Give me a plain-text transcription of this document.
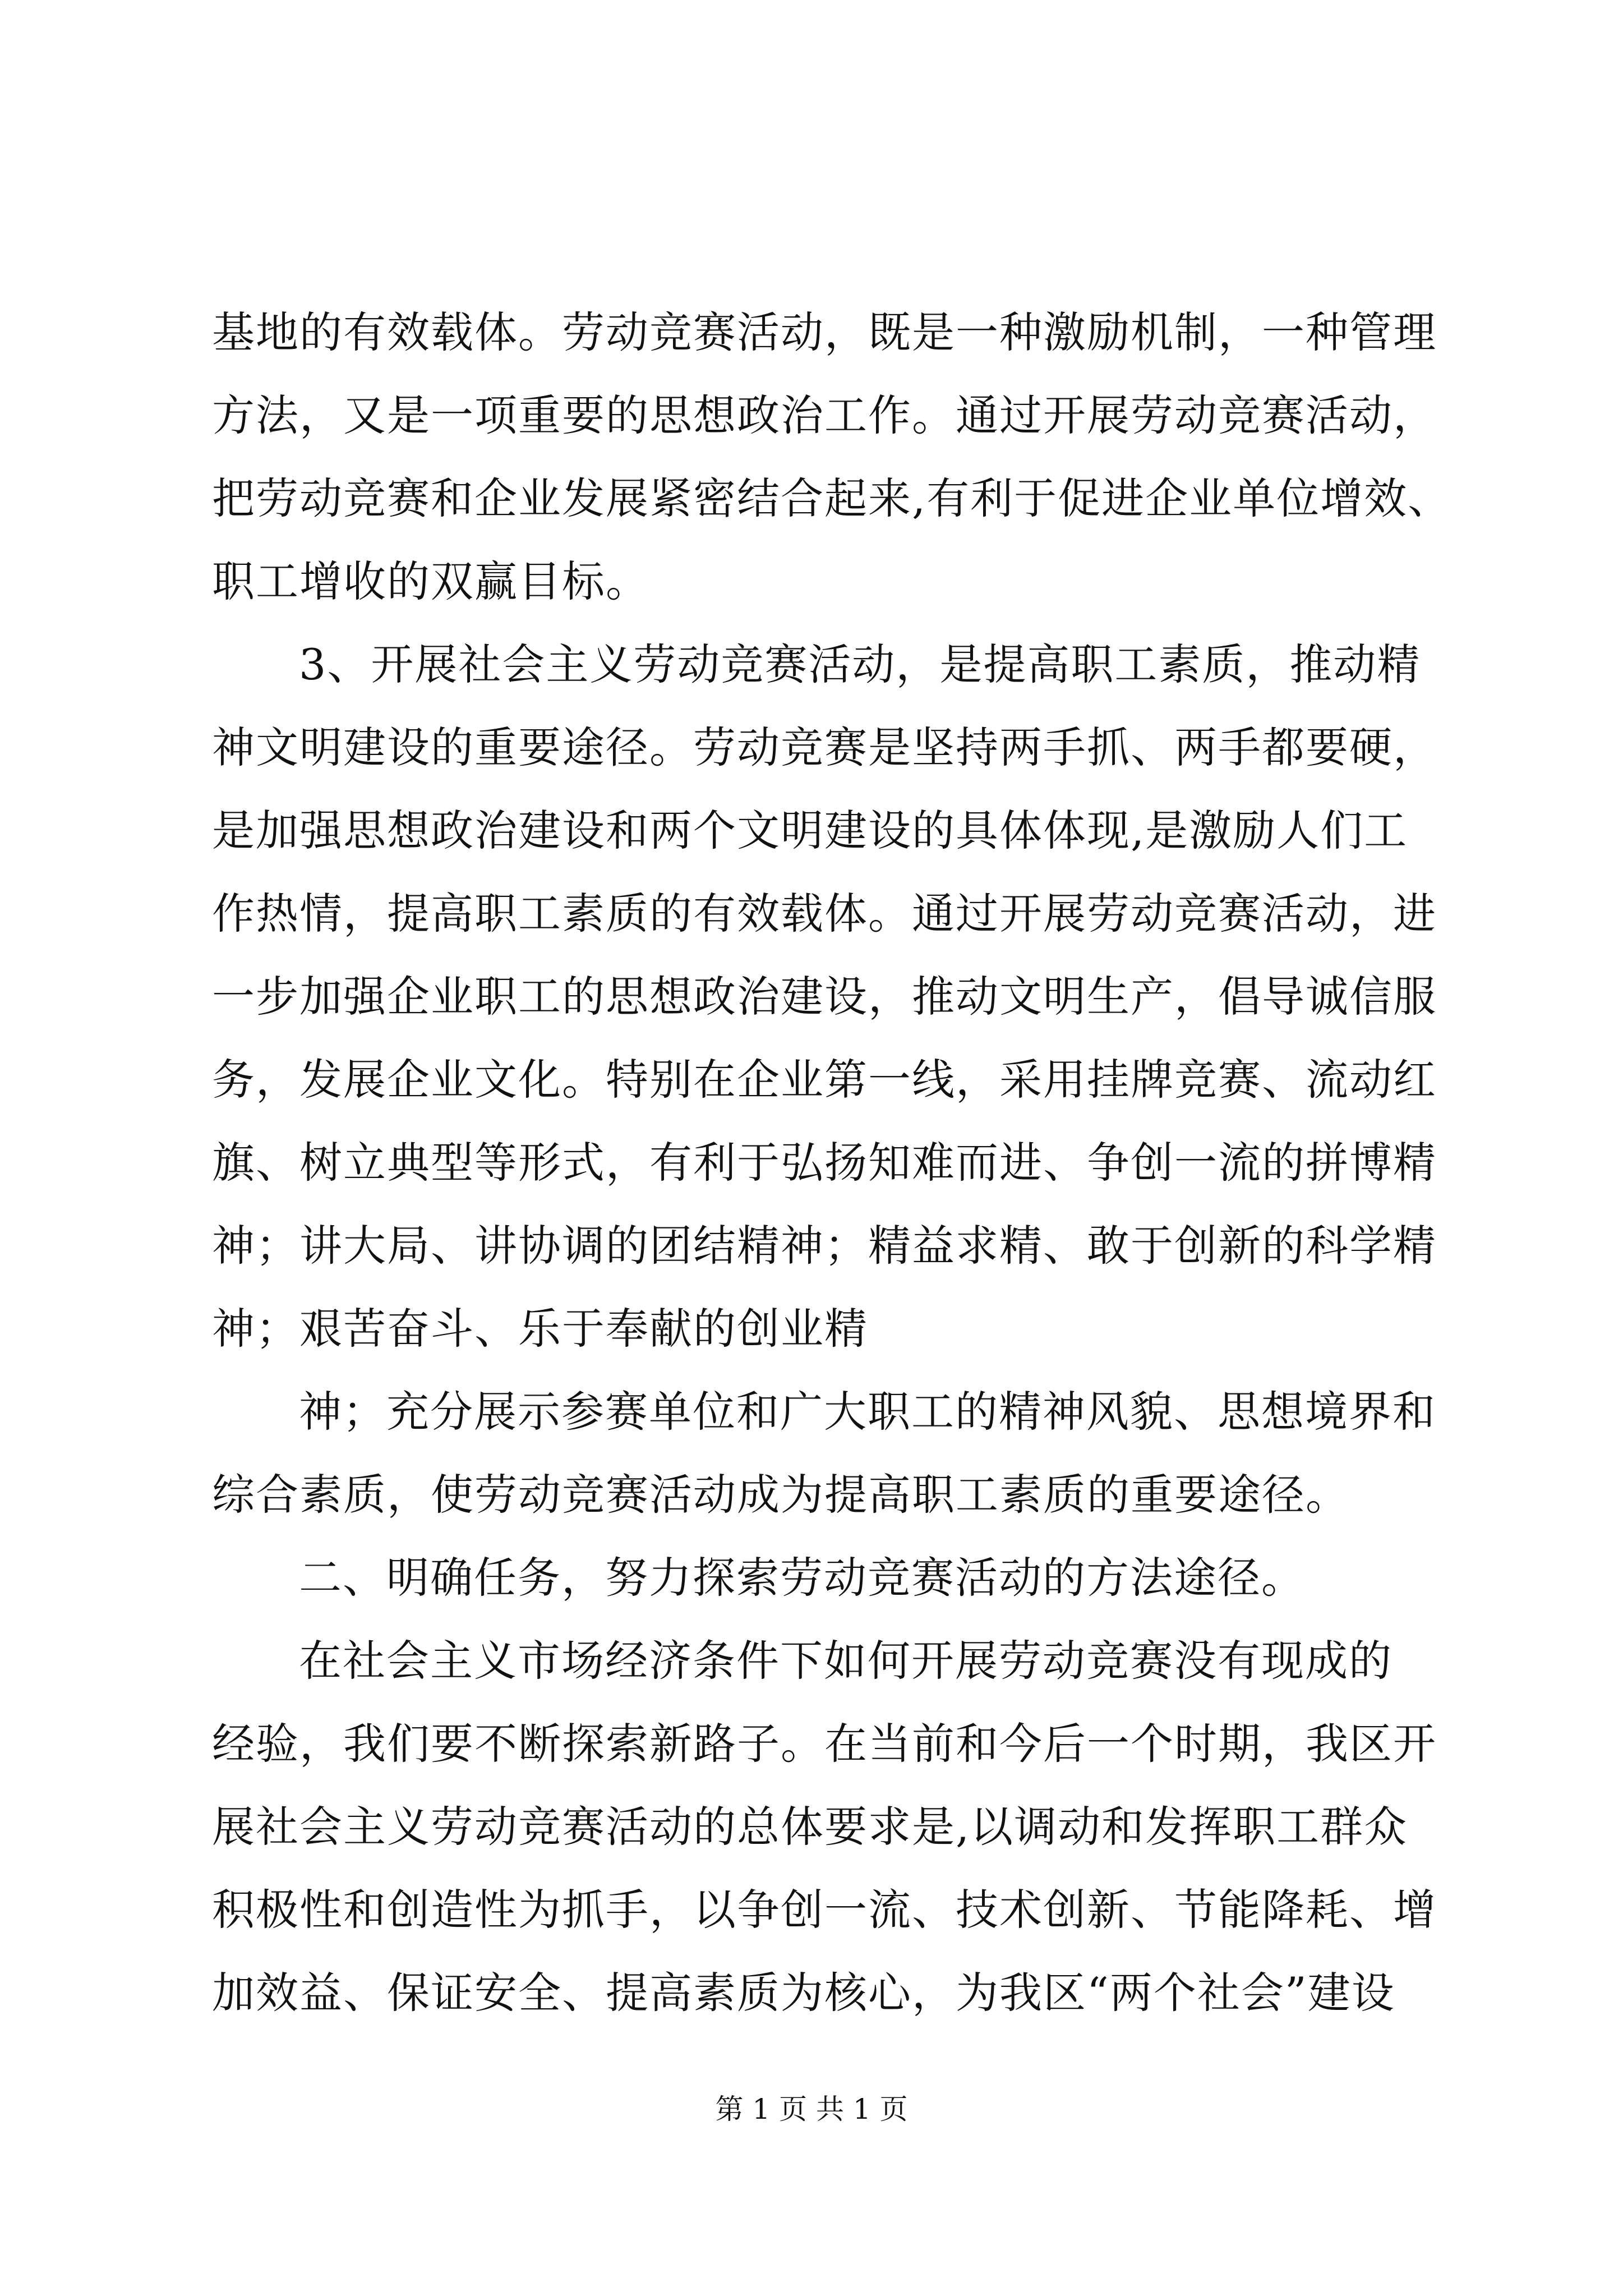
基地的有效载体。劳动竞赛活动，既是一种激励机制，一种管理
方法，又是一项重要的思想政治工作。通过开展劳动竞赛活动，
把劳动竞赛和企业发展紧密结合起来,有利于促进企业单位增效、
职工增收的双赢目标。
3、开展社会主义劳动竞赛活动，是提高职工素质，推动精
神文明建设的重要途径。劳动竞赛是坚持两手抓、两手都要硬，
是加强思想政治建设和两个文明建设的具体体现,是激励人们工
作热情，提高职工素质的有效载体。通过开展劳动竞赛活动，进
一步加强企业职工的思想政治建设，推动文明生产，倡导诚信服
务，发展企业文化。特别在企业第一线，采用挂牌竞赛、流动红
旗、树立典型等形式，有利于弘扬知难而进、争创一流的拼博精
神；讲大局、讲协调的团结精神；精益求精、敢于创新的科学精
神；艰苦奋斗、乐于奉献的创业精
神；充分展示参赛单位和广大职工的精神风貌、思想境界和
综合素质，使劳动竞赛活动成为提高职工素质的重要途径。
二、明确任务，努力探索劳动竞赛活动的方法途径。
在社会主义市场经济条件下如何开展劳动竞赛没有现成的
经验，我们要不断探索新路子。在当前和今后一个时期，我区开
展社会主义劳动竞赛活动的总体要求是,以调动和发挥职工群众
积极性和创造性为抓手，以争创一流、技术创新、节能降耗、增
加效益、保证安全、提高素质为核心，为我区“两个社会”建设
第 1 页 共 1 页
